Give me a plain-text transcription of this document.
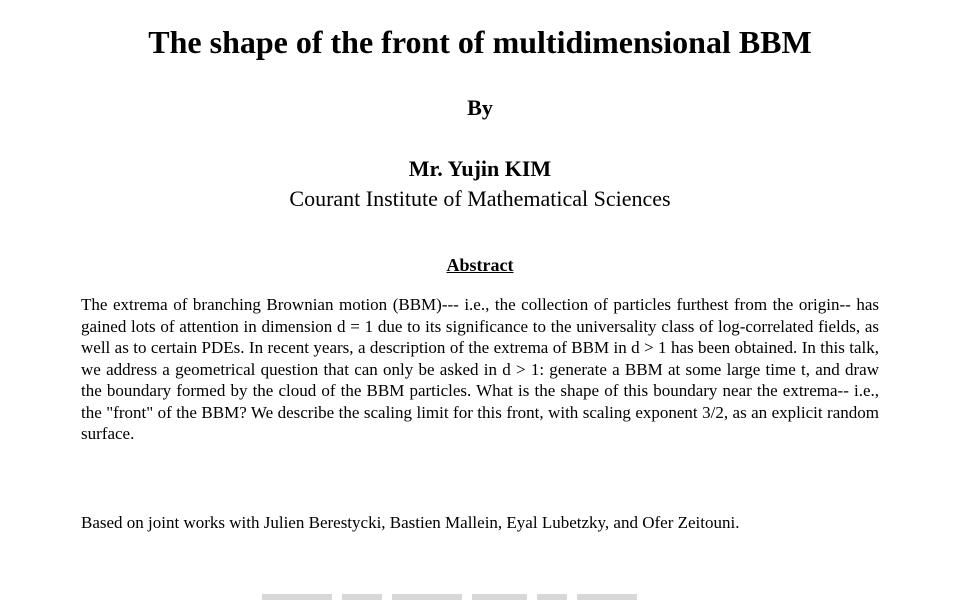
The shape of the front of multidimensional BBM
By
Mr. Yujin KIM
Courant Institute of Mathematical Sciences
Abstract

The extrema of branching Brownian motion (BBM)--- i.e., the collection of particles furthest from the origin-- has gained lots of attention in dimension d = 1 due to its significance to the universality class of log-correlated fields, as well as to certain PDEs. In recent years, a description of the extrema of BBM in d > 1 has been obtained. In this talk, we address a geometrical question that can only be asked in d > 1: generate a BBM at some large time t, and draw the boundary formed by the cloud of the BBM particles. What is the shape of this boundary near the extrema-- i.e., the "front" of the BBM? We describe the scaling limit for this front, with scaling exponent 3/2, as an explicit random surface.

Based on joint works with Julien Berestycki, Bastien Mallein, Eyal Lubetzky, and Ofer Zeitouni.
